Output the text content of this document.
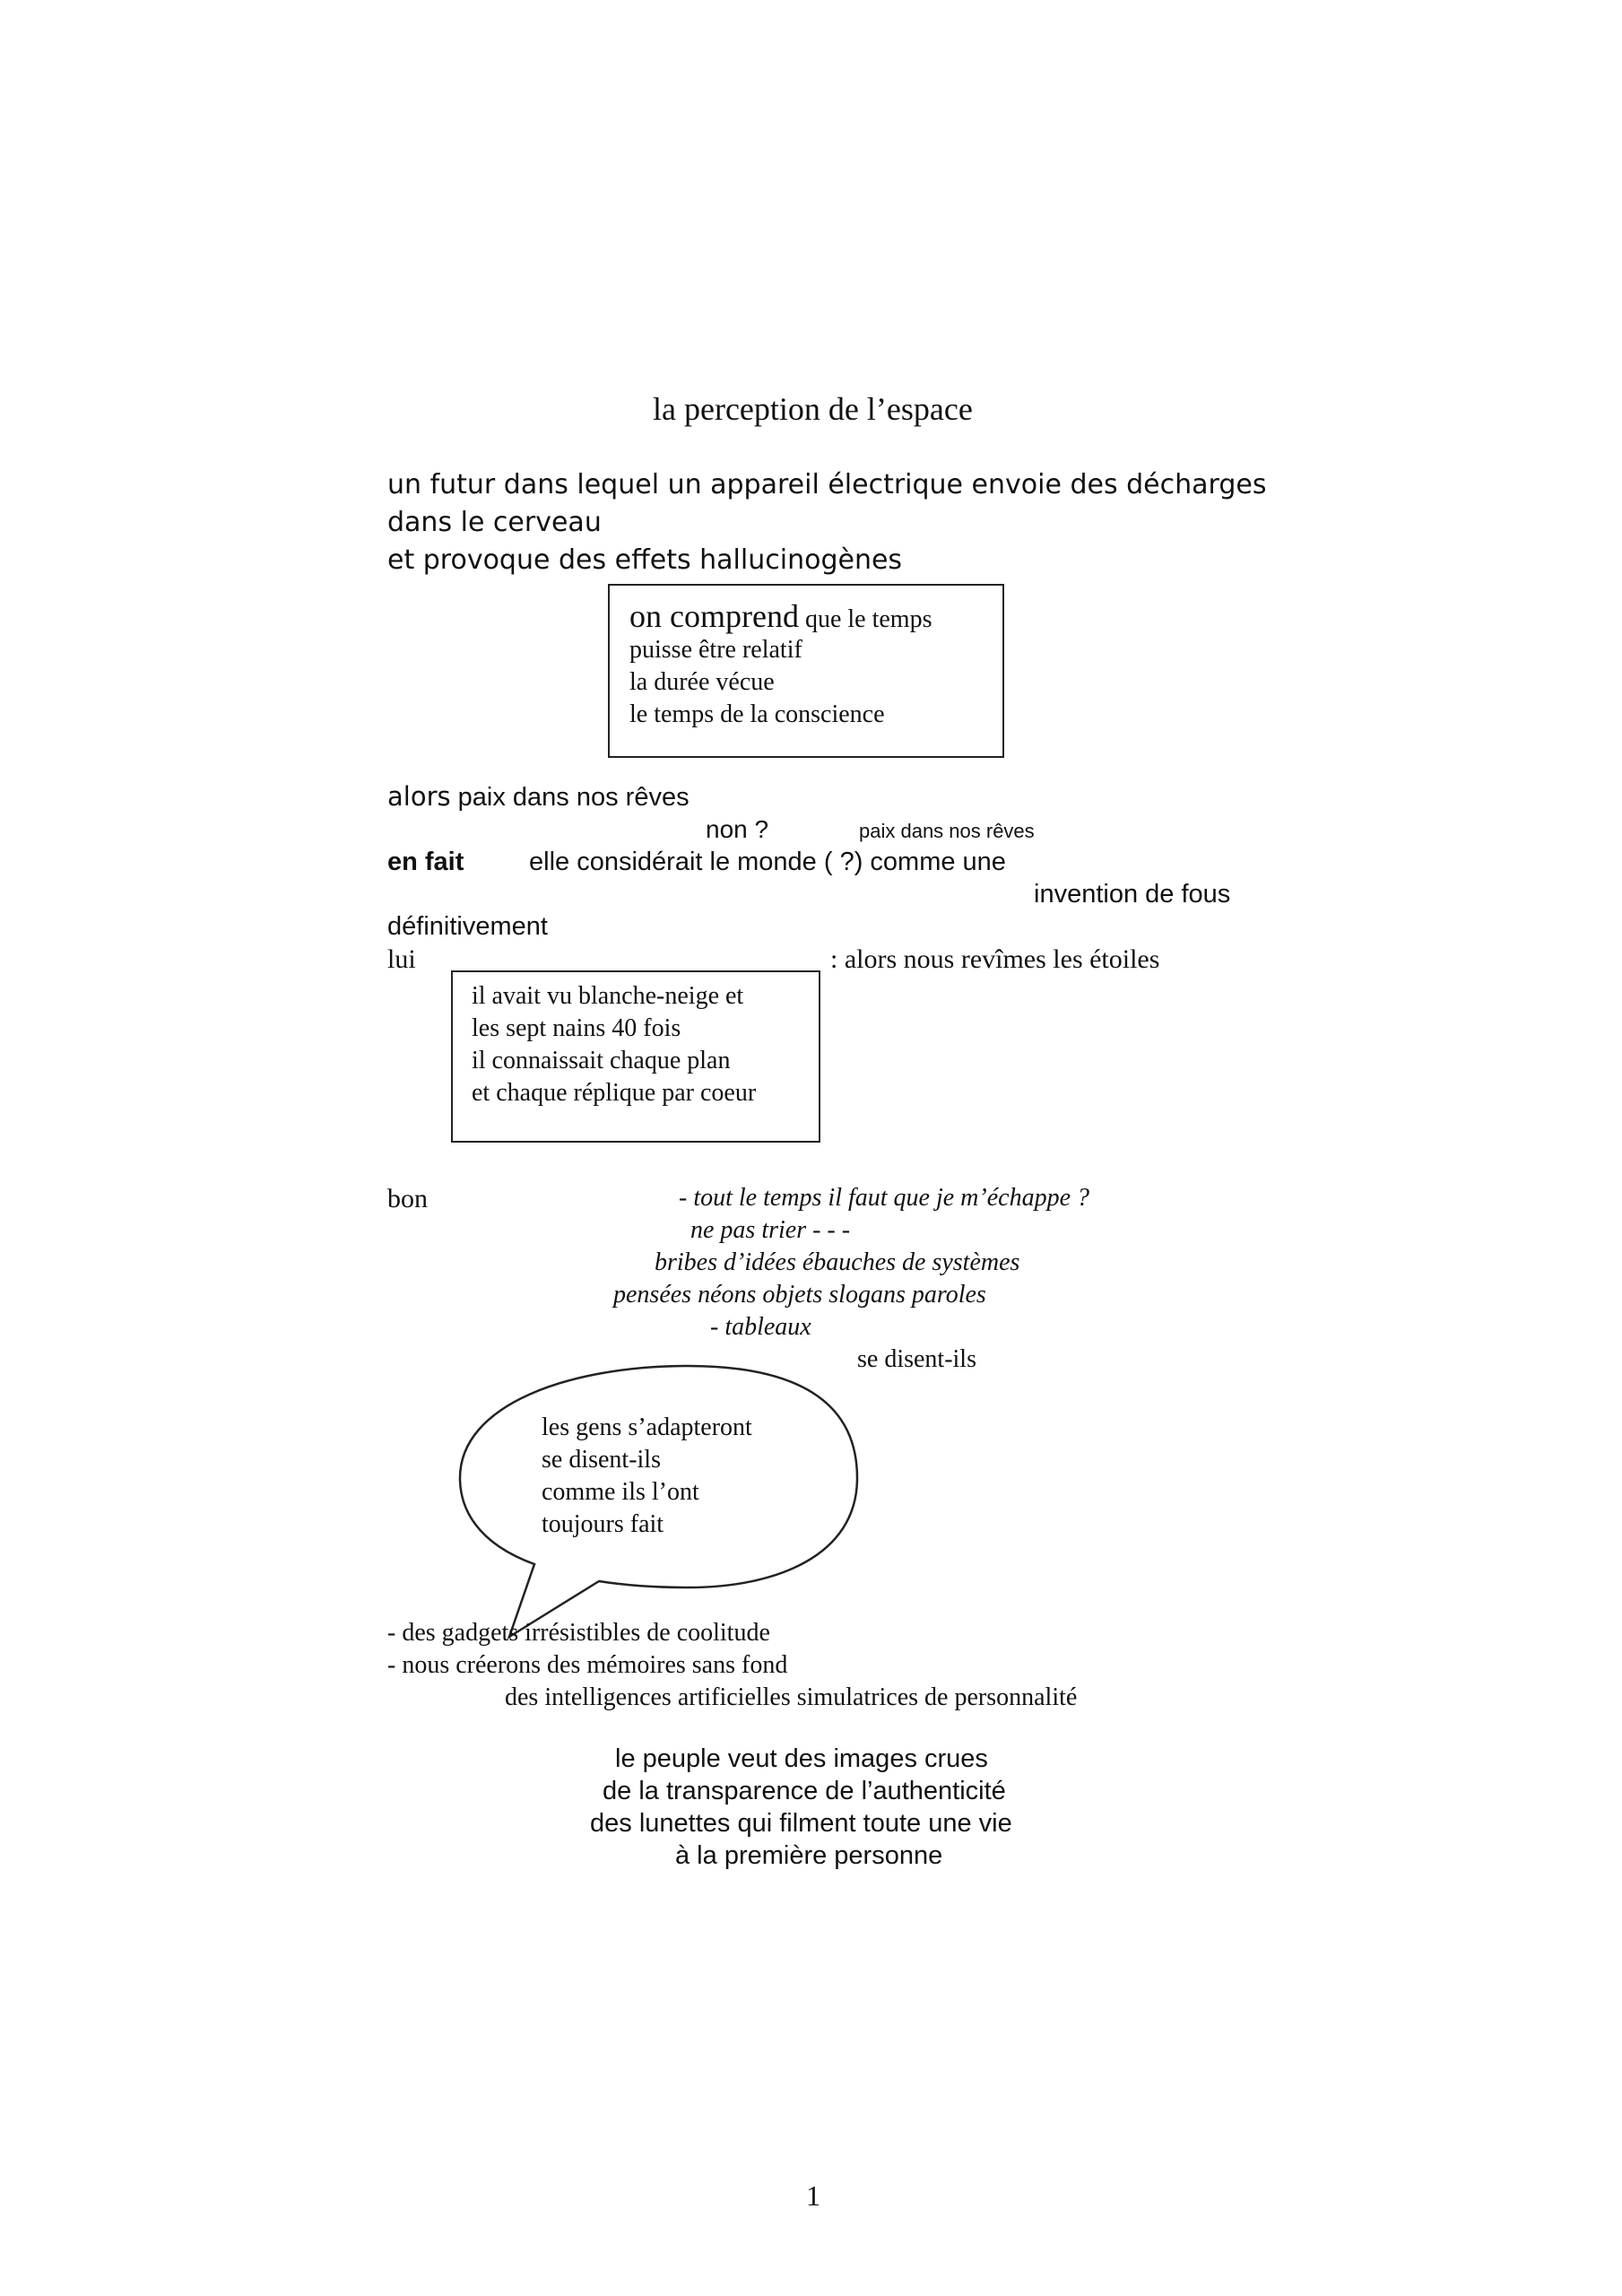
la perception de l’espace
un futur dans lequel un appareil électrique envoie des décharges
dans le cerveau
et provoque des effets hallucinogènes
on comprend que le temps
puisse être relatif
la durée vécue
le temps de la conscience
alors paix dans nos rêves
non ?	paix dans nos rêves
en fait	elle considérait le monde ( ?) comme une
invention de fous
définitivement
lui	: alors nous revîmes les étoiles
il avait vu blanche-neige et
les sept nains 40 fois
il connaissait chaque plan
et chaque réplique par coeur
bon	- tout le temps il faut que je m’échappe ?
ne pas trier - - -
bribes d’idées ébauches de systèmes
pensées néons objets slogans paroles
- tableaux
se disent-ils
les gens s’adapteront
se disent-ils
comme ils l’ont
toujours fait
- des gadgets irrésistibles de coolitude
- nous créerons des mémoires sans fond
des intelligences artificielles simulatrices de personnalité
le peuple veut des images crues
de la transparence de l’authenticité
des lunettes qui filment toute une vie
à la première personne
1
